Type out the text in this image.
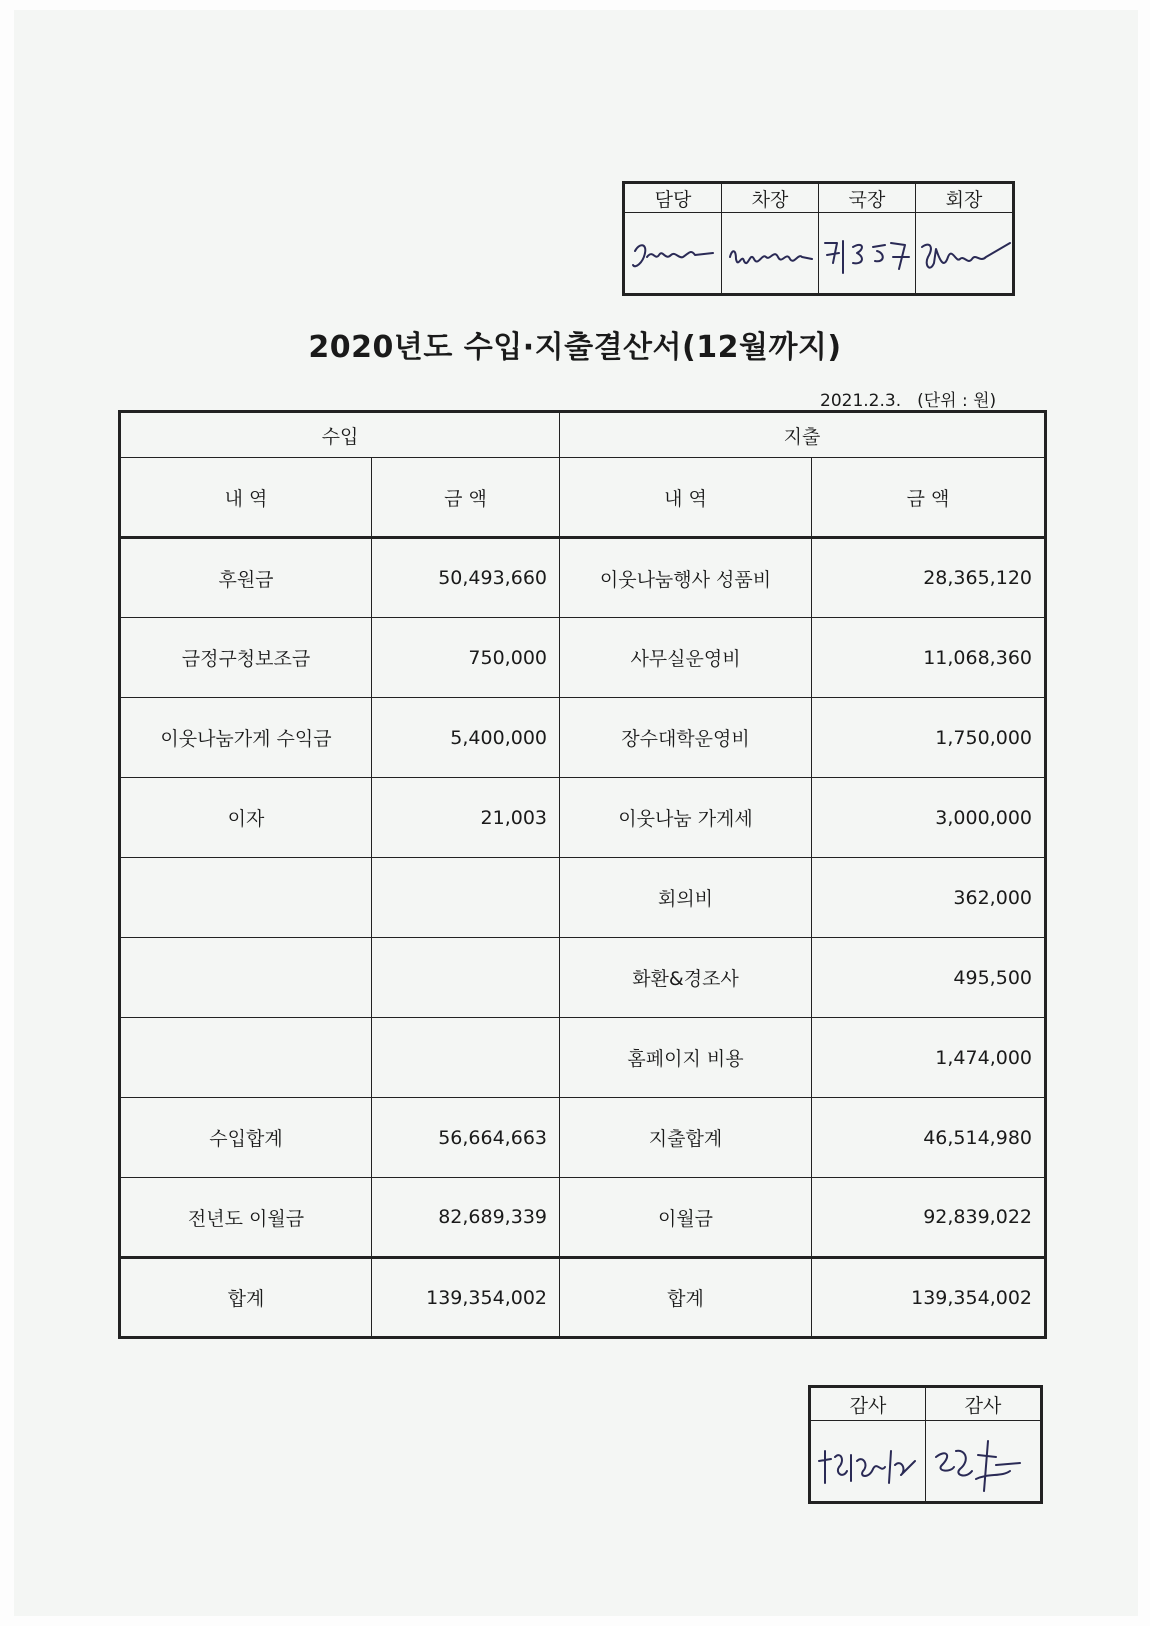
담당	차장	국장	회장

2020년도 수입·지출결산서(12월까지)
2021.2.3. (단위 : 원)
수입		지출	
내 역	금 액	내 역	금 액
후원금	50,493,660	이웃나눔행사 성품비	28,365,120
금정구청보조금	750,000	사무실운영비	11,068,360
이웃나눔가게 수익금	5,400,000	장수대학운영비	1,750,000
이자	21,003	이웃나눔 가게세	3,000,000
		회의비	362,000
		화환&경조사	495,500
		홈페이지 비용	1,474,000
수입합계	56,664,663	지출합계	46,514,980
전년도 이월금	82,689,339	이월금	92,839,022
합계	139,354,002	합계	139,354,002
감사	감사
